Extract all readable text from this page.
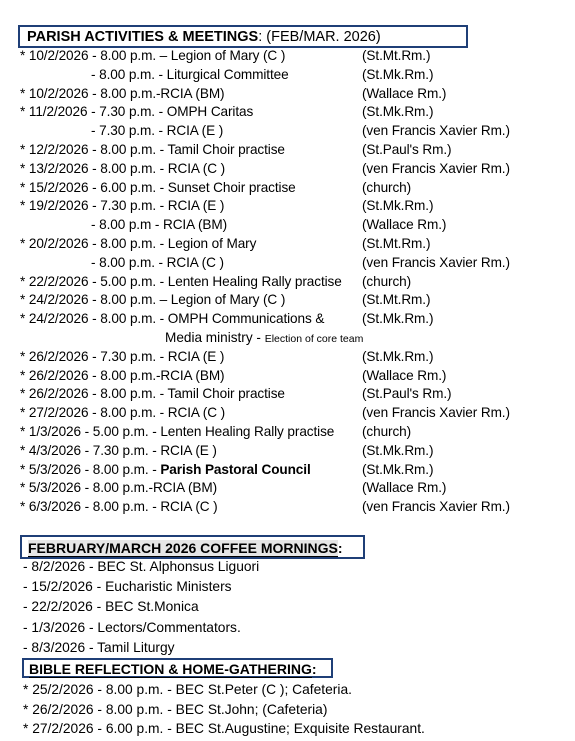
PARISH ACTIVITIES & MEETINGS: (FEB/MAR. 2026)
* 10/2/2026 - 8.00 p.m. – Legion of Mary (C )	(St.Mt.Rm.)
- 8.00 p.m. - Liturgical Committee	(St.Mk.Rm.)
* 10/2/2026 - 8.00 p.m.-RCIA (BM)	(Wallace Rm.)
* 11/2/2026 - 7.30 p.m. - OMPH Caritas	(St.Mk.Rm.)
- 7.30 p.m. - RCIA (E )	(ven Francis Xavier Rm.)
* 12/2/2026 - 8.00 p.m. - Tamil Choir practise	(St.Paul's Rm.)
* 13/2/2026 - 8.00 p.m. - RCIA (C )	(ven Francis Xavier Rm.)
* 15/2/2026 - 6.00 p.m. - Sunset Choir practise	(church)
* 19/2/2026 - 7.30 p.m. - RCIA (E )	(St.Mk.Rm.)
- 8.00 p.m - RCIA (BM)	(Wallace Rm.)
* 20/2/2026 - 8.00 p.m. - Legion of Mary	(St.Mt.Rm.)
- 8.00 p.m. - RCIA (C )	(ven Francis Xavier Rm.)
* 22/2/2026 - 5.00 p.m. - Lenten Healing Rally practise (church)
* 24/2/2026 - 8.00 p.m. – Legion of Mary (C )	(St.Mt.Rm.)
* 24/2/2026 - 8.00 p.m. - OMPH Communications &	(St.Mk.Rm.)
Media ministry - Election of core team
* 26/2/2026 - 7.30 p.m. - RCIA (E )	(St.Mk.Rm.)
* 26/2/2026 - 8.00 p.m.-RCIA (BM)	(Wallace Rm.)
* 26/2/2026 - 8.00 p.m. - Tamil Choir practise	(St.Paul's Rm.)
* 27/2/2026 - 8.00 p.m. - RCIA (C )	(ven Francis Xavier Rm.)
* 1/3/2026 - 5.00 p.m. - Lenten Healing Rally practise (church)
* 4/3/2026 - 7.30 p.m. - RCIA (E )	(St.Mk.Rm.)
* 5/3/2026 - 8.00 p.m. - Parish Pastoral Council	(St.Mk.Rm.)
* 5/3/2026 - 8.00 p.m.-RCIA (BM)	(Wallace Rm.)
* 6/3/2026 - 8.00 p.m. - RCIA (C )	(ven Francis Xavier Rm.)
FEBRUARY/MARCH 2026 COFFEE MORNINGS:
- 8/2/2026 - BEC St. Alphonsus Liguori
- 15/2/2026 - Eucharistic Ministers
- 22/2/2026 - BEC St.Monica
- 1/3/2026 - Lectors/Commentators.
- 8/3/2026 - Tamil Liturgy
BIBLE REFLECTION & HOME-GATHERING:
* 25/2/2026 - 8.00 p.m. - BEC St.Peter (C ); Cafeteria.
* 26/2/2026 - 8.00 p.m. - BEC St.John; (Cafeteria)
* 27/2/2026 - 6.00 p.m. - BEC St.Augustine; Exquisite Restaurant.
